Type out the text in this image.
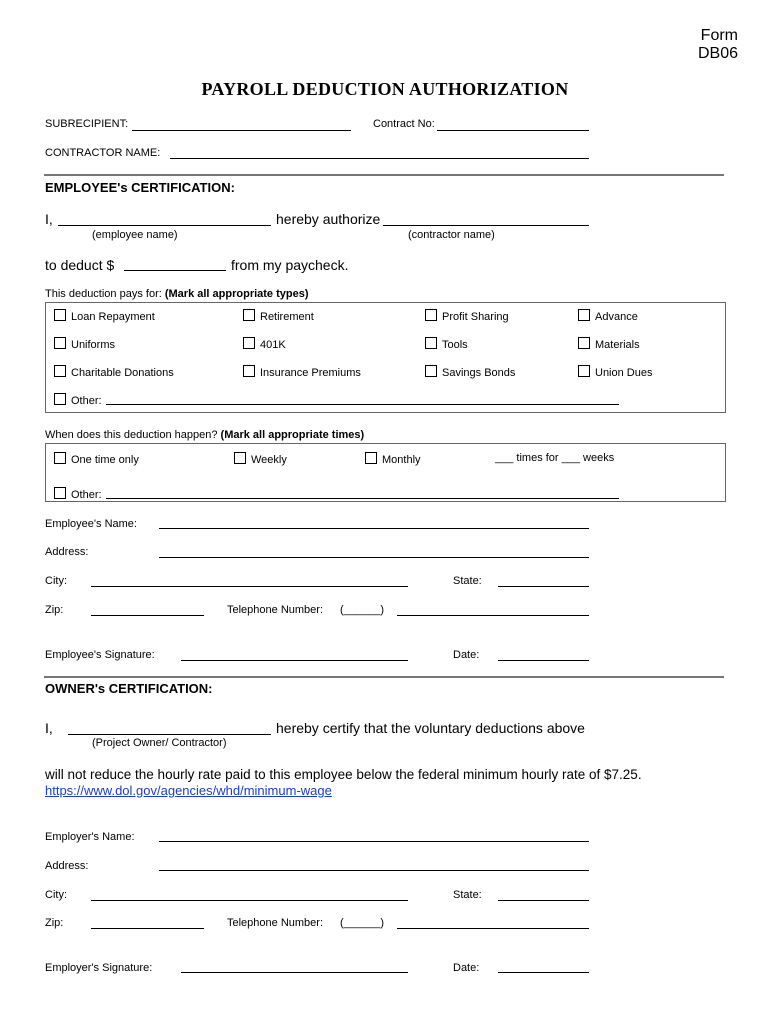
Form
DB06
PAYROLL DEDUCTION AUTHORIZATION
SUBRECIPIENT:	Contract No:
CONTRACTOR NAME:
EMPLOYEE's CERTIFICATION:
I,	hereby authorize
(employee name)	(contractor name)
to deduct $	from my paycheck.
This deduction pays for: (Mark all appropriate types)
Loan Repayment	Retirement	Profit Sharing	Advance
Uniforms	401K	Tools	Materials
Charitable Donations	Insurance Premiums	Savings Bonds	Union Dues
Other:
When does this deduction happen? (Mark all appropriate times)
One time only	Weekly	Monthly	___ times for ___ weeks
Other:
Employee's Name:
Address:
City:	State:
Zip:	Telephone Number: (______)
Employee's Signature:	Date:
OWNER's CERTIFICATION:
I,	hereby certify that the voluntary deductions above
(Project Owner/ Contractor)
will not reduce the hourly rate paid to this employee below the federal minimum hourly rate of $7.25.
https://www.dol.gov/agencies/whd/minimum-wage
Employer's Name:
Address:
City:	State:
Zip:	Telephone Number: (______)
Employer's Signature:	Date:
